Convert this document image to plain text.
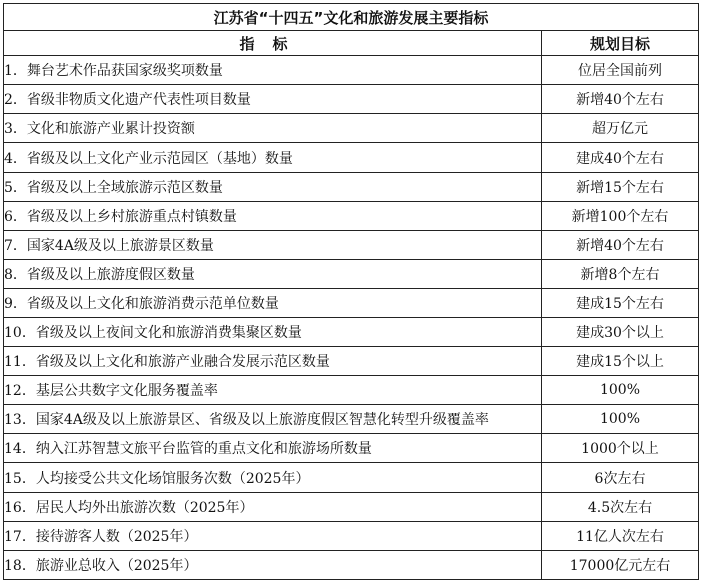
江苏省“十四五”文化和旅游发展主要指标	
指标	规划目标
1．舞台艺术作品获国家级奖项数量	位居全国前列
2．省级非物质文化遗产代表性项目数量	新增40个左右
3．文化和旅游产业累计投资额	超万亿元
4．省级及以上文化产业示范园区（基地）数量	建成40个左右
5．省级及以上全域旅游示范区数量	新增15个左右
6．省级及以上乡村旅游重点村镇数量	新增100个左右
7．国家4A级及以上旅游景区数量	新增40个左右
8．省级及以上旅游度假区数量	新增8个左右
9．省级及以上文化和旅游消费示范单位数量	建成15个左右
10．省级及以上夜间文化和旅游消费集聚区数量	建成30个以上
11．省级及以上文化和旅游产业融合发展示范区数量	建成15个以上
12．基层公共数字文化服务覆盖率	100%
13．国家4A级及以上旅游景区、省级及以上旅游度假区智慧化转型升级覆盖率	100%
14．纳入江苏智慧文旅平台监管的重点文化和旅游场所数量	1000个以上
15．人均接受公共文化场馆服务次数（2025年）	6次左右
16．居民人均外出旅游次数（2025年）	4.5次左右
17．接待游客人数（2025年）	11亿人次左右
18．旅游业总收入（2025年）	17000亿元左右
